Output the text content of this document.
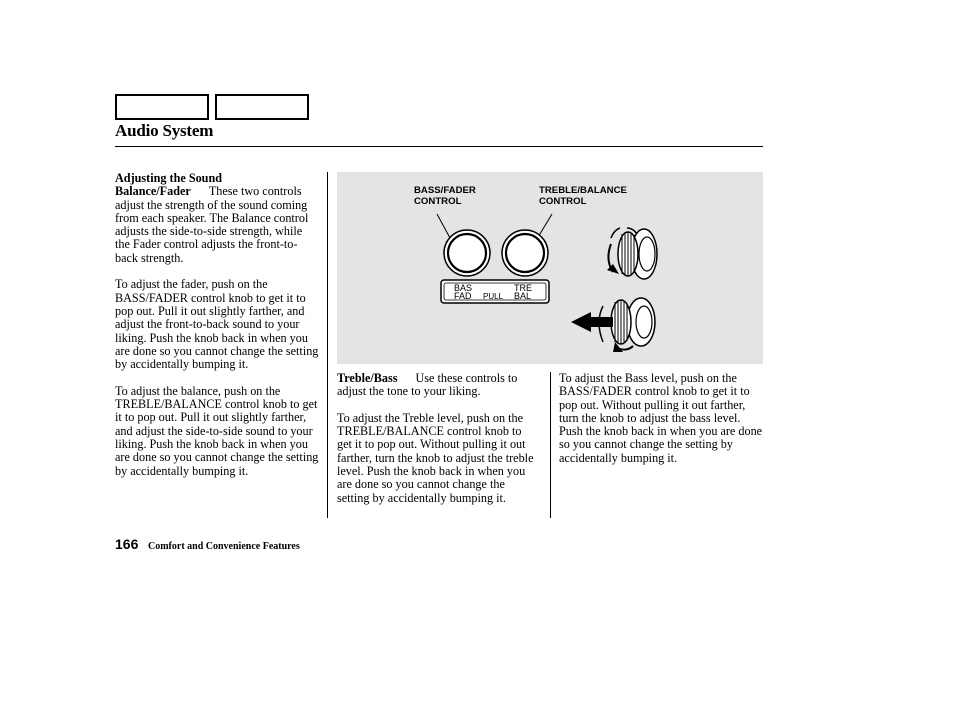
Audio System
Adjusting the Sound

Balance/Fader These two controls adjust the strength of the sound coming from each speaker. The Balance control adjusts the side-to-side strength, while the Fader control adjusts the front-to-back strength.

To adjust the fader, push on the BASS/FADER control knob to get it to pop out. Pull it out slightly farther, and adjust the front-to-back sound to your liking. Push the knob back in when you are done so you cannot change the setting by accidentally bumping it.

To adjust the balance, push on the TREBLE/BALANCE control knob to get it to pop out. Pull it out slightly farther, and adjust the side-to-side sound to your liking. Push the knob back in when you are done so you cannot change the setting by accidentally bumping it.

BASS/FADER
CONTROL
TREBLE/BALANCE
CONTROL
BAS
FAD PULL
TRE
BAL

Treble/Bass Use these controls to adjust the tone to your liking.

To adjust the Treble level, push on the TREBLE/BALANCE control knob to get it to pop out. Without pulling it out farther, turn the knob to adjust the treble level. Push the knob back in when you are done so you cannot change the setting by accidentally bumping it.

To adjust the Bass level, push on the BASS/FADER control knob to get it to pop out. Without pulling it out farther, turn the knob to adjust the bass level. Push the knob back in when you are done so you cannot change the setting by accidentally bumping it.

166 Comfort and Convenience Features
